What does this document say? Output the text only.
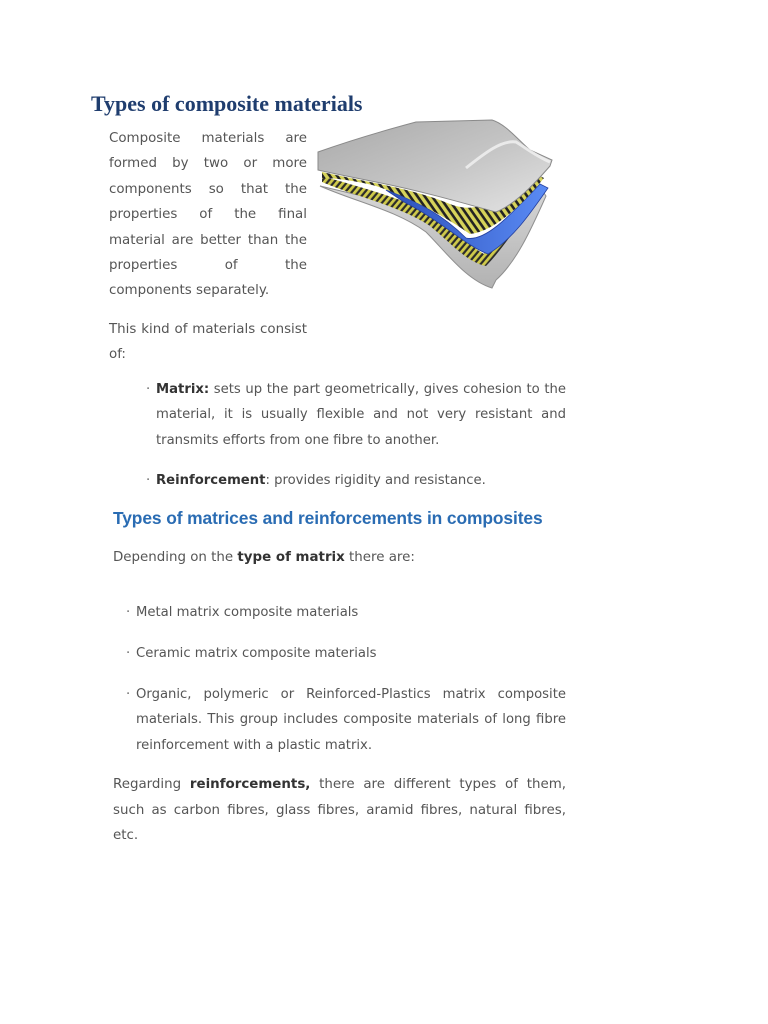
Types of composite materials

Composite materials are formed by two or more components so that the properties of the final material are better than the properties of the components separately.

This kind of materials consist of:

· Matrix: sets up the part geometrically, gives cohesion to the material, it is usually flexible and not very resistant and transmits efforts from one fibre to another.
· Reinforcement: provides rigidity and resistance.
Types of matrices and reinforcements in composites
Depending on the type of matrix there are:
· Metal matrix composite materials
· Ceramic matrix composite materials
· Organic, polymeric or Reinforced-Plastics matrix composite materials. This group includes composite materials of long fibre reinforcement with a plastic matrix.
Regarding reinforcements, there are different types of them, such as carbon fibres, glass fibres, aramid fibres, natural fibres, etc.
